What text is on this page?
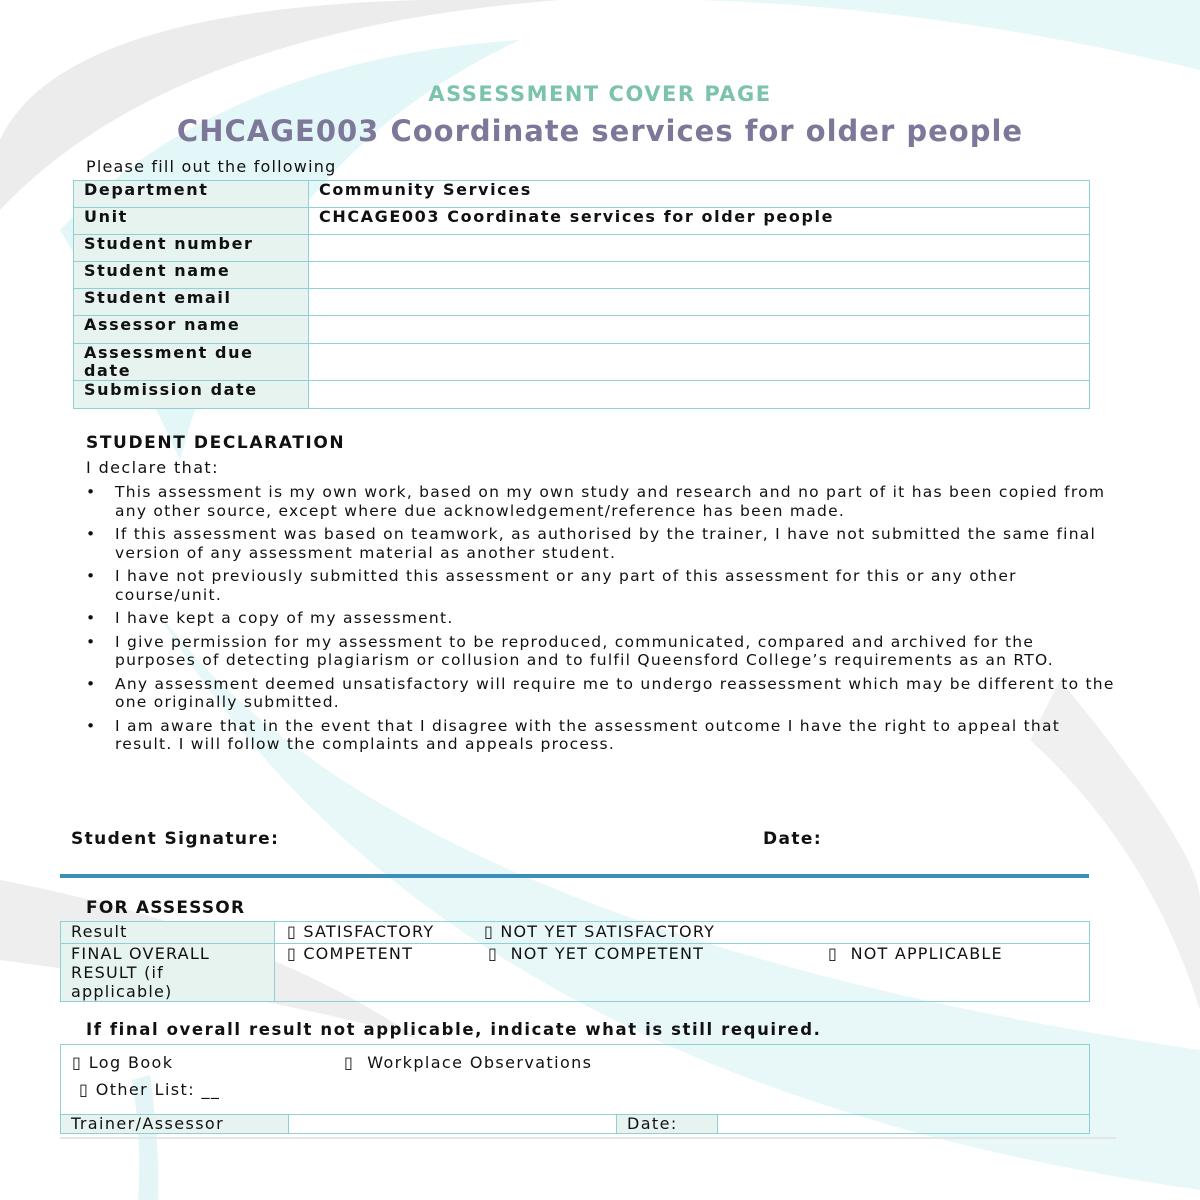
ASSESSMENT COVER PAGE
CHCAGE003 Coordinate services for older people
Please fill out the following
Department	Community Services
Unit	CHCAGE003 Coordinate services for older people
Student number	
Student name	
Student email	
Assessor name	
Assessment due date	
Submission date	
STUDENT DECLARATION
I declare that:
• This assessment is my own work, based on my own study and research and no part of it has been copied from any other source, except where due acknowledgement/reference has been made.
• If this assessment was based on teamwork, as authorised by the trainer, I have not submitted the same final version of any assessment material as another student.
• I have not previously submitted this assessment or any part of this assessment for this or any other course/unit.
• I have kept a copy of my assessment.
• I give permission for my assessment to be reproduced, communicated, compared and archived for the purposes of detecting plagiarism or collusion and to fulfil Queensford College’s requirements as an RTO.
• Any assessment deemed unsatisfactory will require me to undergo reassessment which may be different to the one originally submitted.
• I am aware that in the event that I disagree with the assessment outcome I have the right to appeal that result. I will follow the complaints and appeals process.
Student Signature:	Date:
FOR ASSESSOR
Result	▯ SATISFACTORY ▯ NOT YET SATISFACTORY

FINAL OVERALL RESULT (if applicable)	▯ COMPETENT ▯ NOT YET COMPETENT ▯ NOT APPLICABLE
If final overall result not applicable, indicate what is still required.
▯ Log Book	▯ Workplace Observations
▯ Other List: __
Trainer/Assessor		Date:	
